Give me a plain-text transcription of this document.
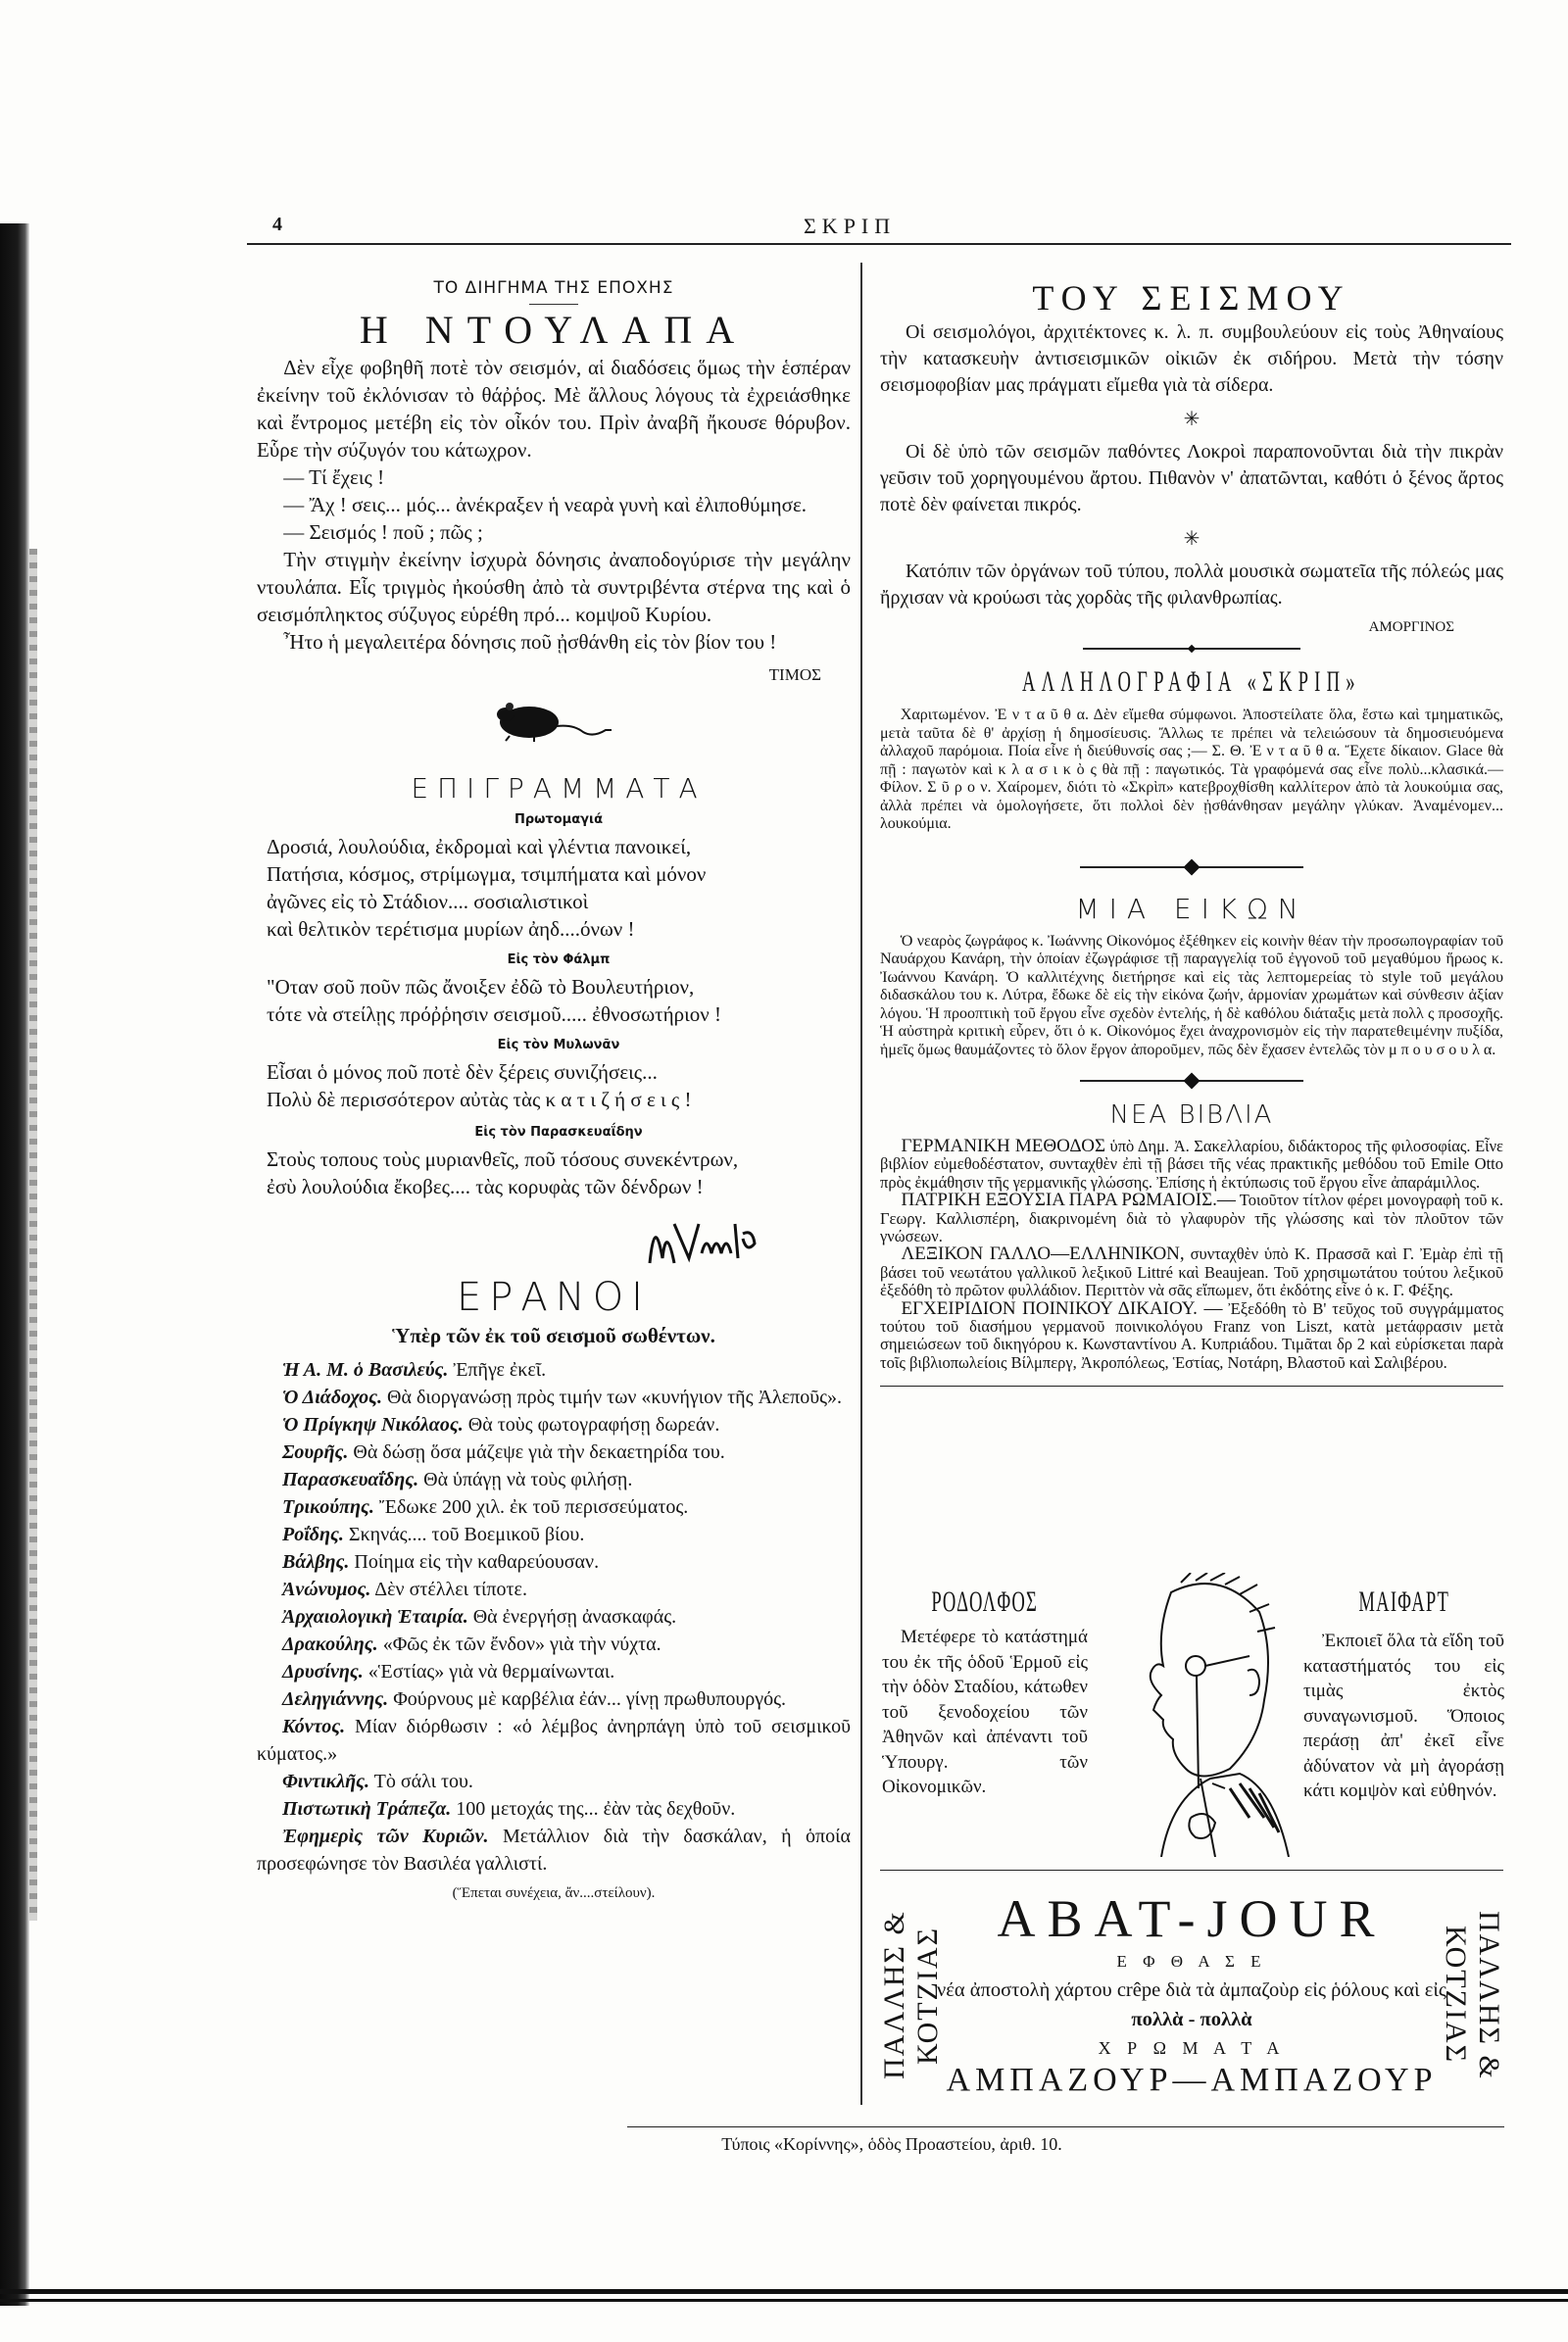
4	ΣΚΡΙΠ
ΤΟ ΔΙΗΓΗΜΑ ΤΗΣ ΕΠΟΧΗΣ
Η ΝΤΟΥΛΑΠΑ

Δὲν εἶχε φοβηθῆ ποτὲ τὸν σεισμόν, αἱ διαδόσεις ὅμως τὴν ἑσπέραν ἐκείνην τοῦ ἐκλόνισαν τὸ θάῤῥος. Μὲ ἄλλους λόγους τὰ ἐχρειάσθηκε καὶ ἔντρομος μετέβη εἰς τὸν οἶκόν του. Πρὶν ἀναβῆ ἤκουσε θόρυβον. Εὗρε τὴν σύζυγόν του κάτωχρον.

— Τί ἔχεις !

— Ἄχ ! σεις... μός... ἀνέκραξεν ἡ νεαρὰ γυνὴ καὶ ἐλιποθύμησε.

— Σεισμός ! ποῦ ; πῶς ;

Τὴν στιγμὴν ἐκείνην ἰσχυρὰ δόνησις ἀναποδογύρισε τὴν μεγάλην ντουλάπα. Εἷς τριγμὸς ἠκούσθη ἀπὸ τὰ συντριβέντα στέρνα της καὶ ὁ σεισμόπληκτος σύζυγος εὑρέθη πρό... κομψοῦ Κυρίου.

Ἦτο ἡ μεγαλειτέρα δόνησις ποῦ ᾐσθάνθη εἰς τὸν βίον του !

ΤΙΜΟΣ
ΕΠΙΓΡΑΜΜΑΤΑ
Πρωτομαγιά

Δροσιά, λουλούδια, ἐκδρομαὶ καὶ γλέντια πανοικεί,

Πατήσια, κόσμος, στρίμωγμα, τσιμπήματα καὶ μόνον

ἀγῶνες εἰς τὸ Στάδιον.... σοσιαλιστικοὶ

καὶ θελτικὸν τερέτισμα μυρίων ἀηδ....όνων !

Εἰς τὸν Φάλμπ

"Οταν σοῦ ποῦν πῶς ἄνοιξεν ἐδῶ τὸ Βουλευτήριον,

τότε νὰ στείλῃς πρόῤῥησιν σεισμοῦ..... ἐθνοσωτήριον !

Εἰς τὸν Μυλωνᾶν

Εἶσαι ὁ μόνος ποῦ ποτὲ δὲν ξέρεις συνιζήσεις...

Πολὺ δὲ περισσότερον αὐτὰς τὰς κ α τ ι ζ ή σ ε ι ς !

Εἰς τὸν Παρασκευαΐδην

Στοὺς τοπους τοὺς μυριανθεῖς, ποῦ τόσους συνεκέντρων,

ἐσὺ λουλούδια ἔκοβες.... τὰς κορυφὰς τῶν δένδρων !

ΕΡΑΝΟΙ
Ὑπὲρ τῶν ἐκ τοῦ σεισμοῦ σωθέντων.

Ἡ Α. Μ. ὁ Βασιλεύς. Ἐπῆγε ἐκεῖ.

Ὁ Διάδοχος. Θὰ διοργανώσῃ πρὸς τιμήν των «κυνήγιον τῆς Ἀλεποῦς».

Ὁ Πρίγκηψ Νικόλαος. Θὰ τοὺς φωτογραφήσῃ δωρεάν.

Σουρῆς. Θὰ δώσῃ ὅσα μάζεψε γιὰ τὴν δεκαετηρίδα του.

Παρασκευαΐδης. Θὰ ὑπάγῃ νὰ τοὺς φιλήσῃ.

Τρικούπης. Ἔδωκε 200 χιλ. ἐκ τοῦ περισσεύματος.

Ροΐδης. Σκηνάς.... τοῦ Βοεμικοῦ βίου.

Βάλβης. Ποίημα εἰς τὴν καθαρεύουσαν.

Ἀνώνυμος. Δὲν στέλλει τίποτε.

Ἀρχαιολογικὴ Ἑταιρία. Θὰ ἐνεργήσῃ ἀνασκαφάς.

Δρακούλης. «Φῶς ἐκ τῶν ἔνδον» γιὰ τὴν νύχτα.

Δρυσίνης. «Ἑστίας» γιὰ νὰ θερμαίνωνται.

Δεληγιάννης. Φούρνους μὲ καρβέλια ἐάν... γίνῃ πρωθυπουργός.

Κόντος. Μίαν διόρθωσιν : «ὁ λέμβος ἀνηρπάγη ὑπὸ τοῦ σεισμικοῦ κύματος.»

Φιντικλῆς. Τὸ σάλι του.

Πιστωτικὴ Τράπεζα. 100 μετοχάς της... ἐὰν τὰς δεχθοῦν.

Ἐφημερὶς τῶν Κυριῶν. Μετάλλιον διὰ τὴν δασκάλαν, ἡ ὁποία προσεφώνησε τὸν Βασιλέα γαλλιστί.

(Ἕπεται συνέχεια, ἄν....στείλουν).
ΤΟΥ ΣΕΙΣΜΟΥ

Οἱ σεισμολόγοι, ἀρχιτέκτονες κ. λ. π. συμβουλεύουν εἰς τοὺς Ἀθηναίους τὴν κατασκευὴν ἀντισεισμικῶν οἰκιῶν ἐκ σιδήρου. Μετὰ τὴν τόσην σεισμοφοβίαν μας πράγματι εἴμεθα γιὰ τὰ σίδερα.

✳

Οἱ δὲ ὑπὸ τῶν σεισμῶν παθόντες Λοκροὶ παραπονοῦνται διὰ τὴν πικρὰν γεῦσιν τοῦ χορηγουμένου ἄρτου. Πιθανὸν ν' ἀπατῶνται, καθότι ὁ ξένος ἄρτος ποτὲ δὲν φαίνεται πικρός.

✳

Κατόπιν τῶν ὀργάνων τοῦ τύπου, πολλὰ μουσικὰ σωματεῖα τῆς πόλεώς μας ἤρχισαν νὰ κρούωσι τὰς χορδὰς τῆς φιλανθρωπίας.

ΑΜΟΡΓΙΝΟΣ
ΑΛΛΗΛΟΓΡΑΦΙΑ «ΣΚΡΙΠ»

Χαριτωμένον. Ἐ ν τ α ῦ θ α. Δὲν εἴμεθα σύμφωνοι. Ἀποστείλατε ὅλα, ἔστω καὶ τμηματικῶς, μετὰ ταῦτα δὲ θ' ἀρχίσῃ ἡ δημοσίευσις. Ἄλλως τε πρέπει νὰ τελειώσουν τὰ δημοσιευόμενα ἀλλαχοῦ παρόμοια. Ποία εἶνε ἡ διεύθυνσίς σας ;— Σ. Θ. Ἐ ν τ α ῦ θ α. Ἔχετε δίκαιον. Glace θὰ πῇ : παγωτὸν καὶ κ λ α σ ι κ ὸ ς θὰ πῇ : παγωτικός. Τὰ γραφόμενά σας εἶνε πολὺ...κλασικά.—Φίλον. Σ ῦ ρ ο ν. Χαίρομεν, διότι τὸ «Σκρὶπ» κατεβροχθίσθη καλλίτερον ἀπὸ τὰ λουκούμια σας, ἀλλὰ πρέπει νὰ ὁμολογήσετε, ὅτι πολλοὶ δὲν ᾐσθάνθησαν μεγάλην γλύκαν. Ἀναμένομεν... λουκούμια.

ΜΙΑ ΕΙΚΩΝ

Ὁ νεαρὸς ζωγράφος κ. Ἰωάννης Οἰκονόμος ἐξέθηκεν εἰς κοινὴν θέαν τὴν προσωπογραφίαν τοῦ Ναυάρχου Κανάρη, τὴν ὁποίαν ἐζωγράφισε τῇ παραγγελίᾳ τοῦ ἐγγονοῦ τοῦ μεγαθύμου ἥρωος κ. Ἰωάννου Κανάρη. Ὁ καλλιτέχνης διετήρησε καὶ εἰς τὰς λεπτομερείας τὸ style τοῦ μεγάλου διδασκάλου του κ. Λύτρα, ἔδωκε δὲ εἰς τὴν εἰκόνα ζωήν, ἁρμονίαν χρωμάτων καὶ σύνθεσιν ἀξίαν λόγου. Ἡ προοπτικὴ τοῦ ἔργου εἶνε σχεδὸν ἐντελής, ἡ δὲ καθόλου διάταξις μετὰ πολλ ς προσοχῆς. Ἡ αὐστηρὰ κριτικὴ εὗρεν, ὅτι ὁ κ. Οἰκονόμος ἔχει ἀναχρονισμὸν εἰς τὴν παρατεθειμένην πυξίδα, ἡμεῖς ὅμως θαυμάζοντες τὸ ὅλον ἔργον ἀποροῦμεν, πῶς δὲν ἔχασεν ἐντελῶς τὸν μ π ο υ σ ο υ λ α.

ΝΕΑ ΒΙΒΛΙΑ

ΓΕΡΜΑΝΙΚΗ ΜΕΘΟΔΟΣ ὑπὸ Δημ. Ἀ. Σακελλαρίου, διδάκτορος τῆς φιλοσοφίας. Εἶνε βιβλίον εὐμεθοδέστατον, συνταχθὲν ἐπὶ τῇ βάσει τῆς νέας πρακτικῆς μεθόδου τοῦ Emile Otto πρὸς ἐκμάθησιν τῆς γερμανικῆς γλώσσης. Ἐπίσης ἡ ἐκτύπωσις τοῦ ἔργου εἶνε ἀπαράμιλλος.

ΠΑΤΡΙΚΗ ΕΞΟΥΣΙΑ ΠΑΡΑ ΡΩΜΑΙΟΙΣ.— Τοιοῦτον τίτλον φέρει μονογραφὴ τοῦ κ. Γεωργ. Καλλισπέρη, διακρινομένη διὰ τὸ γλαφυρὸν τῆς γλώσσης καὶ τὸν πλοῦτον τῶν γνώσεων.

ΛΕΞΙΚΟΝ ΓΑΛΛΟ—ΕΛΛΗΝΙΚΟΝ, συνταχθὲν ὑπὸ Κ. Πρασσᾶ καὶ Γ. Ἐμὰρ ἐπὶ τῇ βάσει τοῦ νεωτάτου γαλλικοῦ λεξικοῦ Littré καὶ Beaujean. Τοῦ χρησιμωτάτου τούτου λεξικοῦ ἐξεδόθη τὸ πρῶτον φυλλάδιον. Περιττὸν νὰ σᾶς εἴπωμεν, ὅτι ἐκδότης εἶνε ὁ κ. Γ. Φέξης.

ΕΓΧΕΙΡΙΔΙΟΝ ΠΟΙΝΙΚΟΥ ΔΙΚΑΙΟΥ. — Ἐξεδόθη τὸ Β' τεῦχος τοῦ συγγράμματος τούτου τοῦ διασήμου γερμανοῦ ποινικολόγου Franz von Liszt, κατὰ μετάφρασιν μετὰ σημειώσεων τοῦ δικηγόρου κ. Κωνσταντίνου Α. Κυπριάδου. Τιμᾶται δρ 2 καὶ εὑρίσκεται παρὰ τοῖς βιβλιοπωλείοις Βίλμπεργ, Ἀκροπόλεως, Ἑστίας, Νοτάρη, Βλαστοῦ καὶ Σαλιβέρου.

ΡΟΔΟΛΦΟΣ

Μετέφερε τὸ κατάστημά του ἐκ τῆς ὁδοῦ Ἑρμοῦ εἰς τὴν ὁδὸν Σταδίου, κάτωθεν τοῦ ξενοδοχείου τῶν Ἀθηνῶν καὶ ἀπέναντι τοῦ Ὑπουργ. τῶν Οἰκονομικῶν.

ΜΑΙΦΑΡΤ

Ἐκποιεῖ ὅλα τὰ εἴδη τοῦ καταστήματός του εἰς τιμὰς ἐκτὸς συναγωνισμοῦ. Ὅποιος περάσῃ ἀπ' ἐκεῖ εἶνε ἀδύνατον νὰ μὴ ἀγοράσῃ κάτι κομψὸν καὶ εὐθηνόν.

ΠΑΛΛΗΣ & ΚΟΤΖΙΑΣ	ΠΑΛΛΗΣ & ΚΟΤΖΙΑΣ
ABAT-JOUR
Ε Φ Θ Α Σ Ε
νέα ἀποστολὴ χάρτου crêpe διὰ τὰ ἀμπαζοὺρ εἰς ῥόλους καὶ εἰς πολλὰ - πολλὰ
Χ Ρ Ω Μ Α Τ Α
ΑΜΠΑΖΟΥΡ—ΑΜΠΑΖΟΥΡ
Τύποις «Κορίννης», ὁδὸς Προαστείου, ἀριθ. 10.
